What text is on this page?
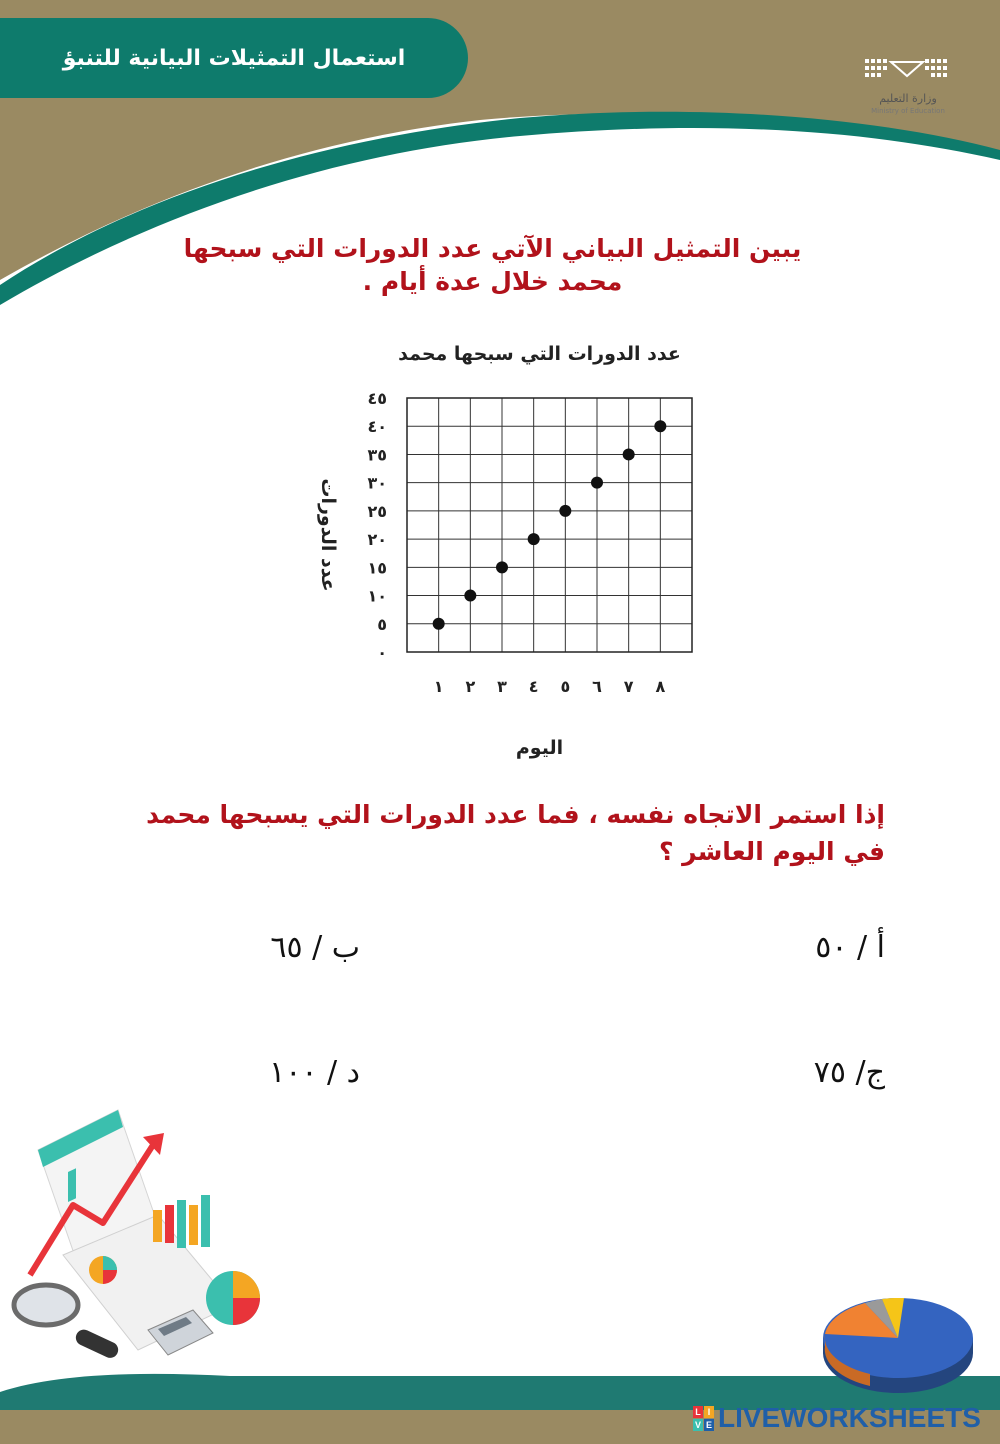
استعمال التمثيلات البيانية للتنبؤ
وزارة التعليم
Ministry of Education
يبين التمثيل البياني الآتي عدد الدورات التي سبحها محمد خلال عدة أيام .
عدد الدورات التي سبحها محمد
٠
٥
١٠
١٥
٢٠
٢٥
٣٠
٣٥
٤٠
٤٥
١ ٢ ٣ ٤ ٥ ٦ ٧ ٨
اليوم
عدد الدورات
إذا استمر الاتجاه نفسه ، فما عدد الدورات التي يسبحها محمد في اليوم العاشر ؟
أ / ٥٠
ب / ٦٥
ج/ ٧٥
د / ١٠٠
L I
V E LIVEWORKSHEETS
